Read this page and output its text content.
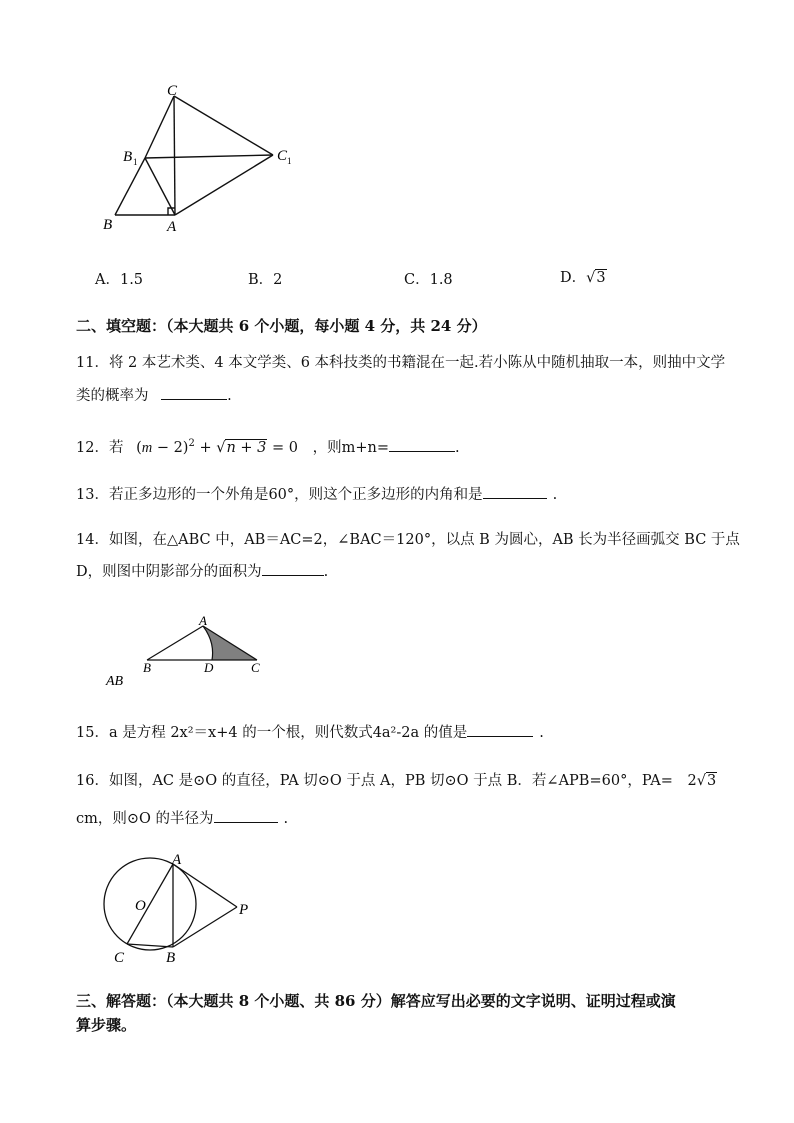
C
B 1	C 1
B	A
A．1.5	B．2	C．1.8	D．√3
二、填空题：（本大题共 6 个小题，每小题 4 分，共 24 分）
11．将 2 本艺术类、4 本文学类、6 本科技类的书籍混在一起.若小陈从中随机抽取一本，则抽中文学
类的概率为	.
12．若 $(m - 2)^2 + √n + 3 = 0$ ，则m+n=	.
13．若正多边形的一个外角是60°，则这个正多边形的内角和是	.
14．如图，在△ABC 中，AB＝AC=2，∠BAC＝120°，以点 B 为圆心，AB 长为半径画弧交 BC 于点
D，则图中阴影部分的面积为	.
A
B	D	C
AB
15．a 是方程 2x²＝x+4 的一个根，则代数式4a²-2a 的值是	.
16．如图，AC 是⊙O 的直径，PA 切⊙O 于点 A，PB 切⊙O 于点 B．若∠APB=60°，PA= 2√3
cm，则⊙O 的半径为	.
A
O	P
C	B
三、解答题：（本大题共 8 个小题、共 86 分）解答应写出必要的文字说明、证明过程或演
算步骤。
